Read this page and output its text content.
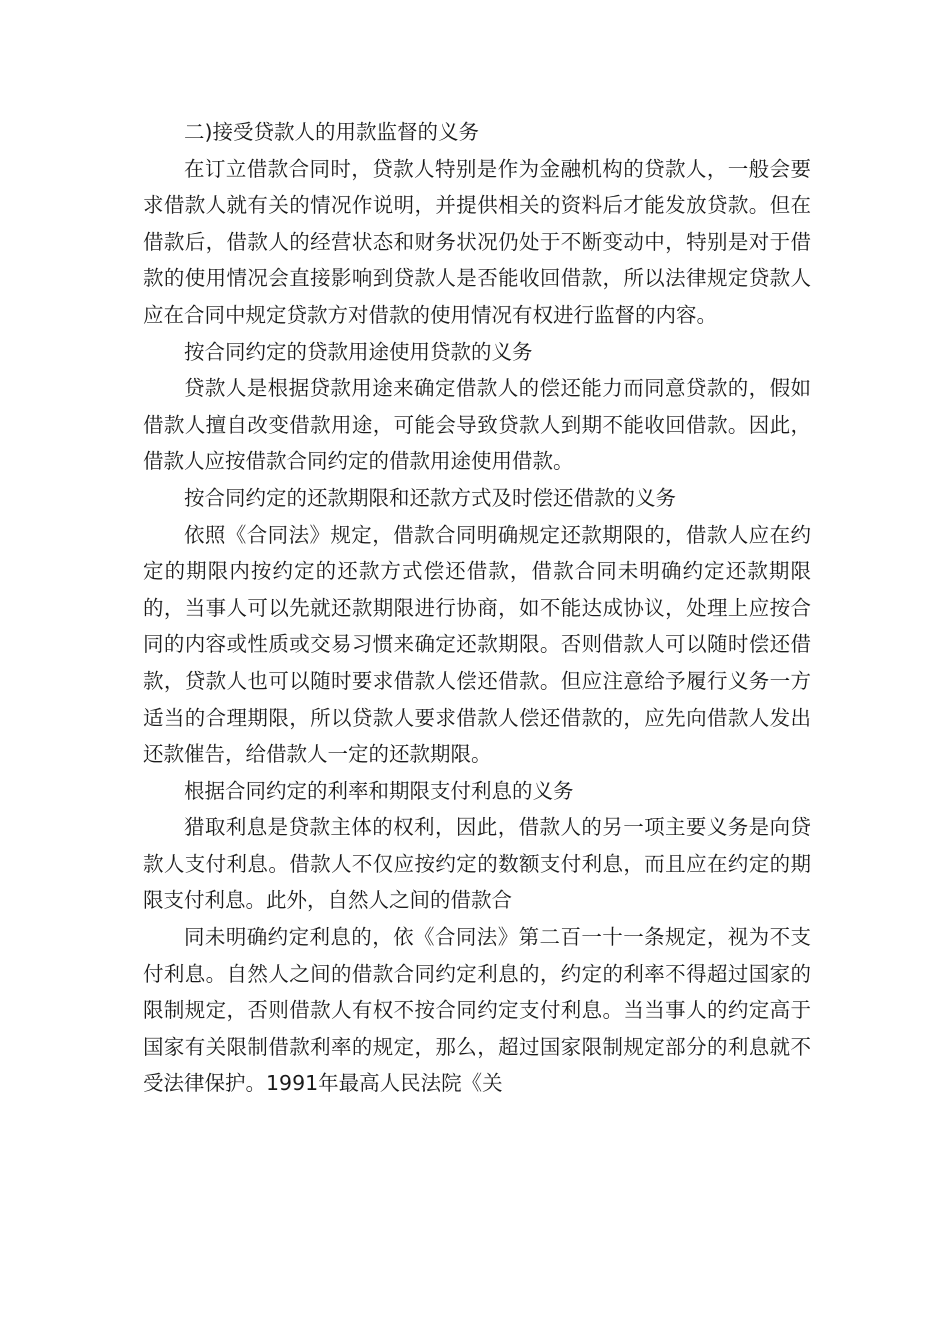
二)接受贷款人的用款监督的义务

在订立借款合同时，贷款人特别是作为金融机构的贷款人，一般会要求借款人就有关的情况作说明，并提供相关的资料后才能发放贷款。但在借款后，借款人的经营状态和财务状况仍处于不断变动中，特别是对于借款的使用情况会直接影响到贷款人是否能收回借款，所以法律规定贷款人应在合同中规定贷款方对借款的使用情况有权进行监督的内容。

按合同约定的贷款用途使用贷款的义务

贷款人是根据贷款用途来确定借款人的偿还能力而同意贷款的，假如借款人擅自改变借款用途，可能会导致贷款人到期不能收回借款。因此，借款人应按借款合同约定的借款用途使用借款。

按合同约定的还款期限和还款方式及时偿还借款的义务

依照《合同法》规定，借款合同明确规定还款期限的，借款人应在约定的期限内按约定的还款方式偿还借款，借款合同未明确约定还款期限的，当事人可以先就还款期限进行协商，如不能达成协议，处理上应按合同的内容或性质或交易习惯来确定还款期限。否则借款人可以随时偿还借款，贷款人也可以随时要求借款人偿还借款。但应注意给予履行义务一方适当的合理期限，所以贷款人要求借款人偿还借款的，应先向借款人发出还款催告，给借款人一定的还款期限。

根据合同约定的利率和期限支付利息的义务

猎取利息是贷款主体的权利，因此，借款人的另一项主要义务是向贷款人支付利息。借款人不仅应按约定的数额支付利息，而且应在约定的期限支付利息。此外，自然人之间的借款合

同未明确约定利息的，依《合同法》第二百一十一条规定，视为不支付利息。自然人之间的借款合同约定利息的，约定的利率不得超过国家的限制规定，否则借款人有权不按合同约定支付利息。当当事人的约定高于国家有关限制借款利率的规定，那么，超过国家限制规定部分的利息就不受法律保护。1991年最高人民法院《关
